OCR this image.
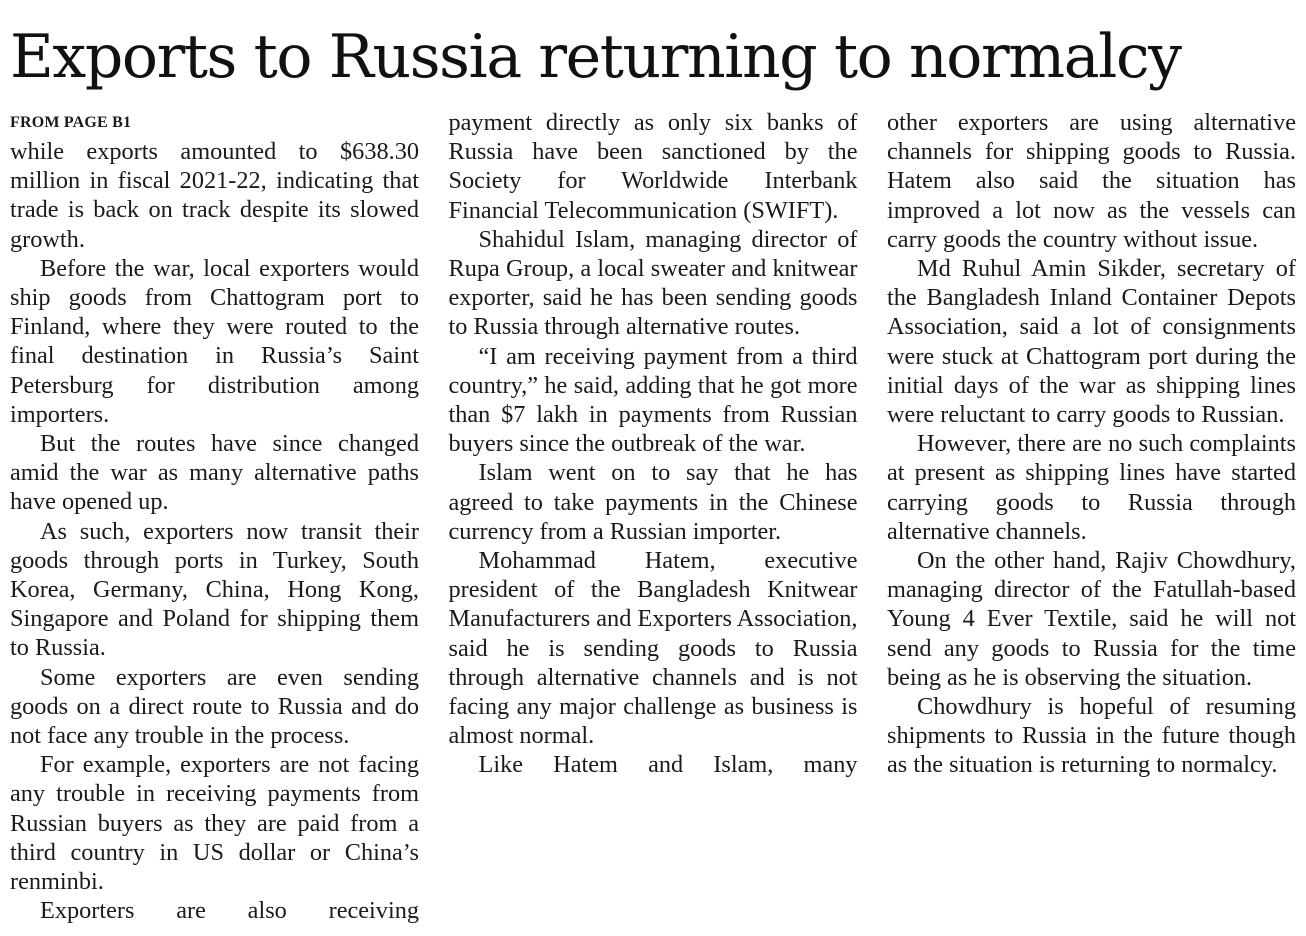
Exports to Russia returning to normalcy
FROM PAGE B1

while exports amounted to $638.30 million in fiscal 2021-22, indicating that trade is back on track despite its slowed growth.

Before the war, local exporters would ship goods from Chattogram port to Finland, where they were routed to the final destination in Russia’s Saint Petersburg for distribution among importers.

But the routes have since changed amid the war as many alternative paths have opened up.

As such, exporters now transit their goods through ports in Turkey, South Korea, Germany, China, Hong Kong, Singapore and Poland for shipping them to Russia.

Some exporters are even sending goods on a direct route to Russia and do not face any trouble in the process.

For example, exporters are not facing any trouble in receiving payments from Russian buyers as they are paid from a third country in US dollar or China’s renminbi.

Exporters are also receiving

payment directly as only six banks of Russia have been sanctioned by the Society for Worldwide Interbank Financial Telecommunication (SWIFT).

Shahidul Islam, managing director of Rupa Group, a local sweater and knitwear exporter, said he has been sending goods to Russia through alternative routes.

“I am receiving payment from a third country,” he said, adding that he got more than $7 lakh in payments from Russian buyers since the outbreak of the war.

Islam went on to say that he has agreed to take payments in the Chinese currency from a Russian importer.

Mohammad Hatem, executive president of the Bangladesh Knitwear Manufacturers and Exporters Association, said he is sending goods to Russia through alternative channels and is not facing any major challenge as business is almost normal.

Like Hatem and Islam, many

other exporters are using alternative channels for shipping goods to Russia. Hatem also said the situation has improved a lot now as the vessels can carry goods the country without issue.

Md Ruhul Amin Sikder, secretary of the Bangladesh Inland Container Depots Association, said a lot of consignments were stuck at Chattogram port during the initial days of the war as shipping lines were reluctant to carry goods to Russian.

However, there are no such complaints at present as shipping lines have started carrying goods to Russia through alternative channels.

On the other hand, Rajiv Chowdhury, managing director of the Fatullah-based Young 4 Ever Textile, said he will not send any goods to Russia for the time being as he is observing the situation.

Chowdhury is hopeful of resuming shipments to Russia in the future though as the situation is returning to normalcy.
